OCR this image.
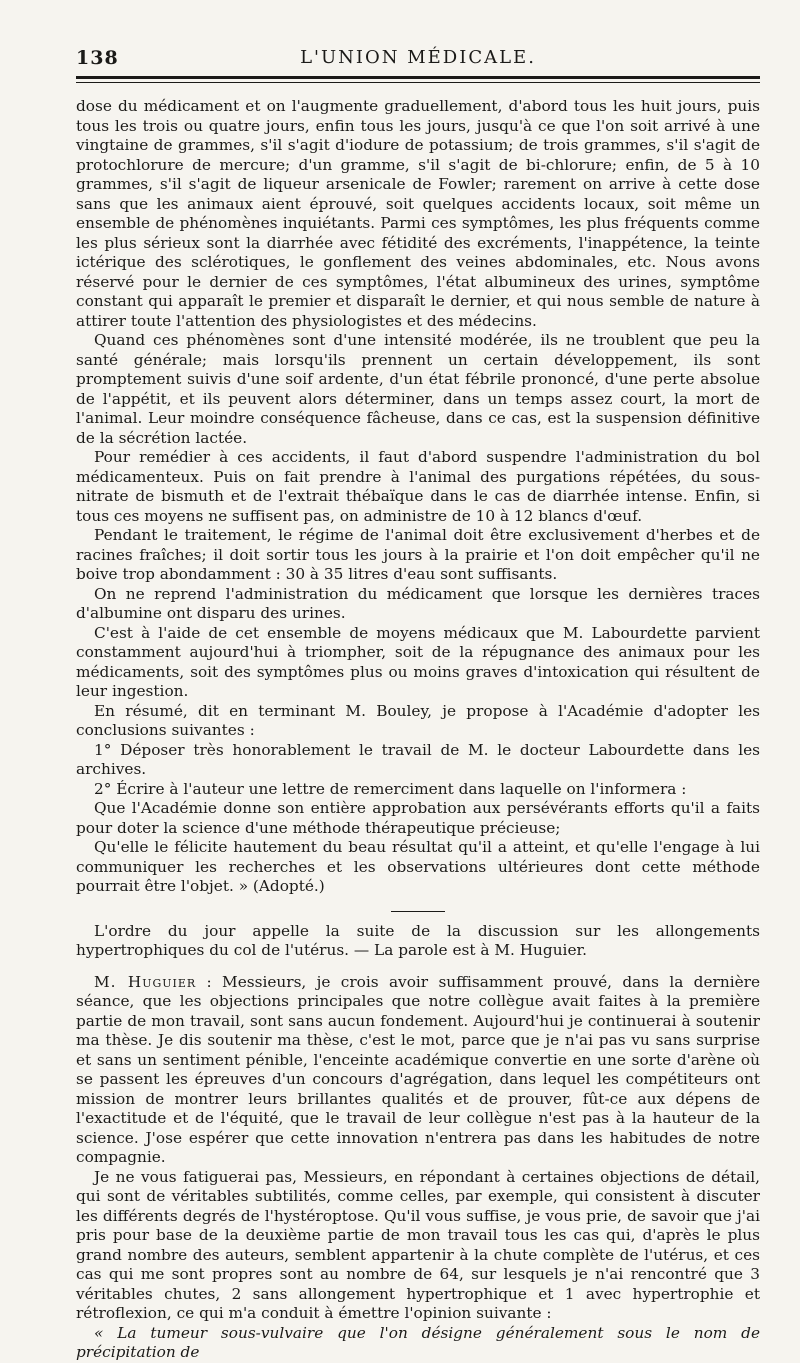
138	L'UNION MÉDICALE.

dose du médicament et on l'augmente graduellement, d'abord tous les huit jours, puis tous les trois ou quatre jours, enfin tous les jours, jusqu'à ce que l'on soit arrivé à une vingtaine de grammes, s'il s'agit d'iodure de potassium; de trois grammes, s'il s'agit de protochlorure de mercure; d'un gramme, s'il s'agit de bi-chlorure; enfin, de 5 à 10 grammes, s'il s'agit de liqueur arsenicale de Fowler; rarement on arrive à cette dose sans que les animaux aient éprouvé, soit quelques accidents locaux, soit même un ensemble de phénomènes inquiétants. Parmi ces symptômes, les plus fréquents comme les plus sérieux sont la diarrhée avec fétidité des excréments, l'inappétence, la teinte ictérique des sclérotiques, le gonflement des veines abdominales, etc. Nous avons réservé pour le dernier de ces symptômes, l'état albumineux des urines, symptôme constant qui apparaît le premier et disparaît le dernier, et qui nous semble de nature à attirer toute l'attention des physiologistes et des médecins.

Quand ces phénomènes sont d'une intensité modérée, ils ne troublent que peu la santé générale; mais lorsqu'ils prennent un certain développement, ils sont promptement suivis d'une soif ardente, d'un état fébrile prononcé, d'une perte absolue de l'appétit, et ils peuvent alors déterminer, dans un temps assez court, la mort de l'animal. Leur moindre conséquence fâcheuse, dans ce cas, est la suspension définitive de la sécrétion lactée.

Pour remédier à ces accidents, il faut d'abord suspendre l'administration du bol médicamenteux. Puis on fait prendre à l'animal des purgations répétées, du sous-nitrate de bismuth et de l'extrait thébaïque dans le cas de diarrhée intense. Enfin, si tous ces moyens ne suffisent pas, on administre de 10 à 12 blancs d'œuf.

Pendant le traitement, le régime de l'animal doit être exclusivement d'herbes et de racines fraîches; il doit sortir tous les jours à la prairie et l'on doit empêcher qu'il ne boive trop abondamment : 30 à 35 litres d'eau sont suffisants.

On ne reprend l'administration du médicament que lorsque les dernières traces d'albumine ont disparu des urines.

C'est à l'aide de cet ensemble de moyens médicaux que M. Labourdette parvient constamment aujourd'hui à triompher, soit de la répugnance des animaux pour les médicaments, soit des symptômes plus ou moins graves d'intoxication qui résultent de leur ingestion.

En résumé, dit en terminant M. Bouley, je propose à l'Académie d'adopter les conclusions suivantes :

1° Déposer très honorablement le travail de M. le docteur Labourdette dans les archives.

2° Écrire à l'auteur une lettre de remerciment dans laquelle on l'informera :

Que l'Académie donne son entière approbation aux persévérants efforts qu'il a faits pour doter la science d'une méthode thérapeutique précieuse;

Qu'elle le félicite hautement du beau résultat qu'il a atteint, et qu'elle l'engage à lui communiquer les recherches et les observations ultérieures dont cette méthode pourrait être l'objet. » (Adopté.)

L'ordre du jour appelle la suite de la discussion sur les allongements hypertrophiques du col de l'utérus. — La parole est à M. Huguier.

M. Huguier : Messieurs, je crois avoir suffisamment prouvé, dans la dernière séance, que les objections principales que notre collègue avait faites à la première partie de mon travail, sont sans aucun fondement. Aujourd'hui je continuerai à soutenir ma thèse. Je dis soutenir ma thèse, c'est le mot, parce que je n'ai pas vu sans surprise et sans un sentiment pénible, l'enceinte académique convertie en une sorte d'arène où se passent les épreuves d'un concours d'agrégation, dans lequel les compétiteurs ont mission de montrer leurs brillantes qualités et de prouver, fût-ce aux dépens de l'exactitude et de l'équité, que le travail de leur collègue n'est pas à la hauteur de la science. J'ose espérer que cette innovation n'entrera pas dans les habitudes de notre compagnie.

Je ne vous fatiguerai pas, Messieurs, en répondant à certaines objections de détail, qui sont de véritables subtilités, comme celles, par exemple, qui consistent à discuter les différents degrés de l'hystéroptose. Qu'il vous suffise, je vous prie, de savoir que j'ai pris pour base de la deuxième partie de mon travail tous les cas qui, d'après le plus grand nombre des auteurs, semblent appartenir à la chute complète de l'utérus, et ces cas qui me sont propres sont au nombre de 64, sur lesquels je n'ai rencontré que 3 véritables chutes, 2 sans allongement hypertrophique et 1 avec hypertrophie et rétroflexion, ce qui m'a conduit à émettre l'opinion suivante :

« La tumeur sous-vulvaire que l'on désigne généralement sous le nom de précipitation de
